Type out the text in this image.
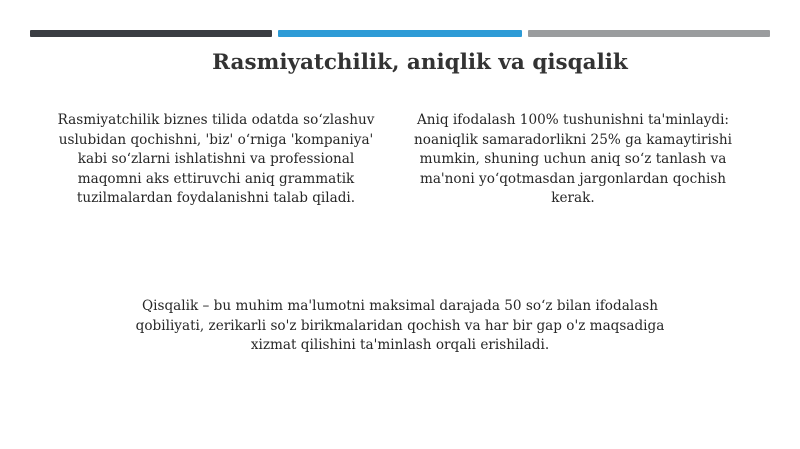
Rasmiyatchilik, aniqlik va qisqalik

Rasmiyatchilik biznes tilida odatda so‘zlashuv uslubidan qochishni, 'biz' o‘rniga 'kompaniya' kabi so‘zlarni ishlatishni va professional maqomni aks ettiruvchi aniq grammatik tuzilmalardan foydalanishni talab qiladi.

Aniq ifodalash 100% tushunishni ta'minlaydi: noaniqlik samaradorlikni 25% ga kamaytirishi mumkin, shuning uchun aniq so‘z tanlash va ma'noni yo‘qotmasdan jargonlardan qochish kerak.

Qisqalik – bu muhim ma'lumotni maksimal darajada 50 so‘z bilan ifodalash qobiliyati, zerikarli so'z birikmalaridan qochish va har bir gap o'z maqsadiga xizmat qilishini ta'minlash orqali erishiladi.
